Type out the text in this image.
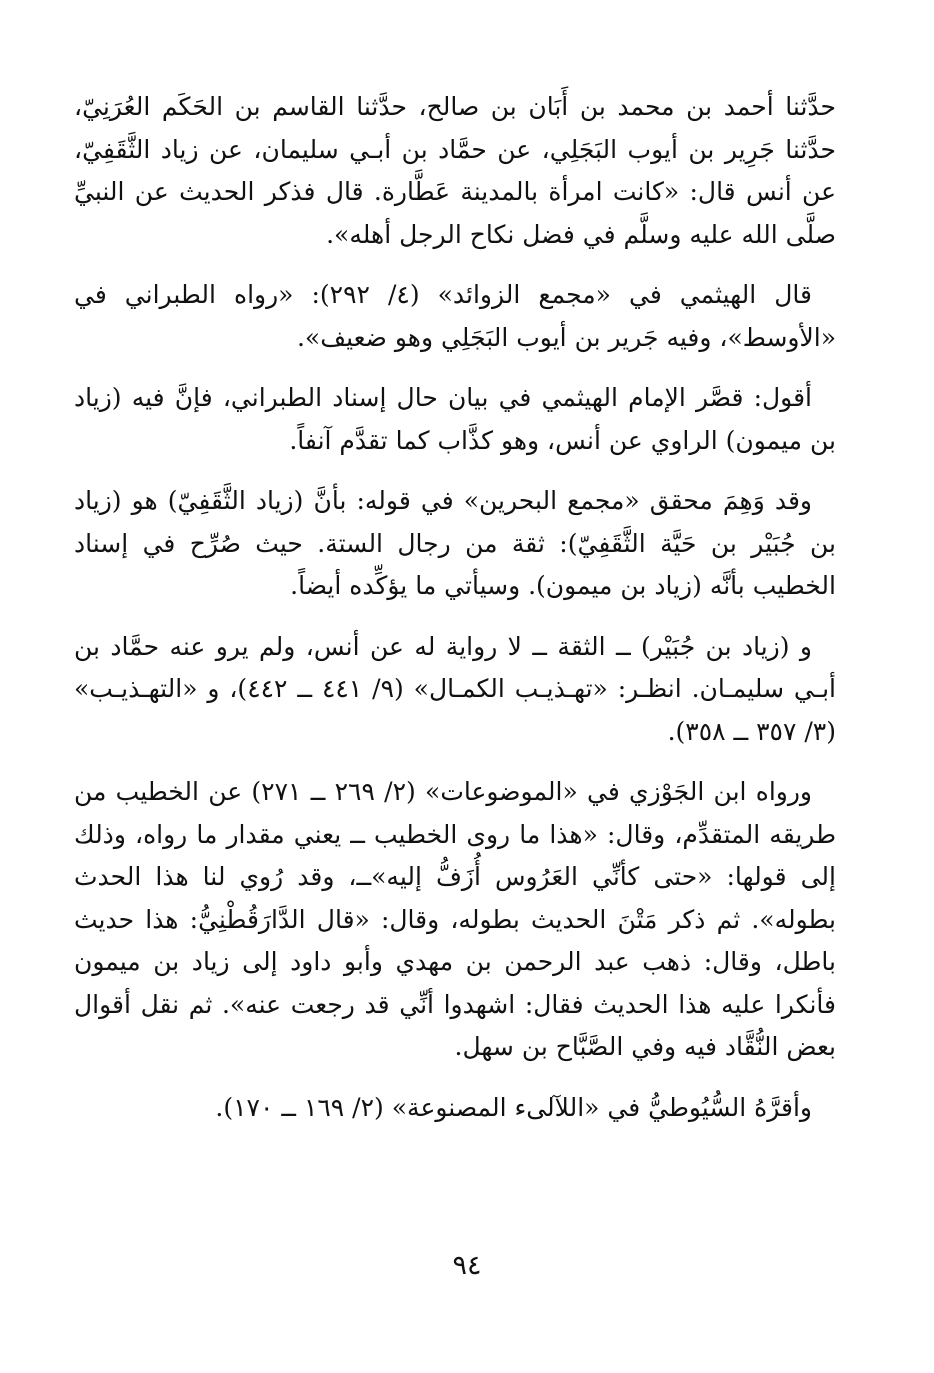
حدَّثنا أحمد بن محمد بن أَبَان بن صالح، حدَّثنا القاسم بن الحَكَم العُرَنِيّ، حدَّثنا جَرِير بن أيوب البَجَلِي، عن حمَّاد بن أبـي سليمان، عن زياد الثَّقَفِيّ، عن أنس قال: «كانت امرأة بالمدينة عَطَّارة. قال فذكر الحديث عن النبيِّ صلَّى الله عليه وسلَّم في فضل نكاح الرجل أهله».

قال الهيثمي في «مجمع الزوائد» (٤/ ٢٩٢): «رواه الطبراني في «الأوسط»، وفيه جَرير بن أيوب البَجَلِي وهو ضعيف».

أقول: قصَّر الإمام الهيثمي في بيان حال إسناد الطبراني، فإنَّ فيه (زياد بن ميمون) الراوي عن أنس، وهو كذَّاب كما تقدَّم آنفاً.

وقد وَهِمَ محقق «مجمع البحرين» في قوله: بأنَّ (زياد الثَّقَفِيّ) هو (زياد بن جُبَيْر بن حَيَّة الثَّقَفِيّ): ثقة من رجال الستة. حيث صُرِّح في إسناد الخطيب بأنَّه (زياد بن ميمون). وسيأتي ما يؤكِّده أيضاً.

و (زياد بن جُبَيْر) ــ الثقة ــ لا رواية له عن أنس، ولم يرو عنه حمَّاد بن أبـي سليمـان. انظـر: «تهـذيـب الكمـال» (٩/ ٤٤١ ــ ٤٤٢)، و «التهـذيـب» (٣/ ٣٥٧ ــ ٣٥٨).

ورواه ابن الجَوْزي في «الموضوعات» (٢/ ٢٦٩ ــ ٢٧١) عن الخطيب من طريقه المتقدِّم، وقال: «هذا ما روى الخطيب ــ يعني مقدار ما رواه، وذلك إلى قولها: «حتى كأنِّي العَرُوس أُزَفُّ إليه»ــ، وقد رُوي لنا هذا الحدث بطوله». ثم ذكر مَتْنَ الحديث بطوله، وقال: «قال الدَّارَقُطْنِيُّ: هذا حديث باطل، وقال: ذهب عبد الرحمن بن مهدي وأبو داود إلى زياد بن ميمون فأنكرا عليه هذا الحديث فقال: اشهدوا أنِّي قد رجعت عنه». ثم نقل أقوال بعض النُّقَّاد فيه وفي الصَّبَّاح بن سهل.

وأقرَّهُ السُّيُوطيُّ في «اللآلىء المصنوعة» (٢/ ١٦٩ ــ ١٧٠).

٩٤
